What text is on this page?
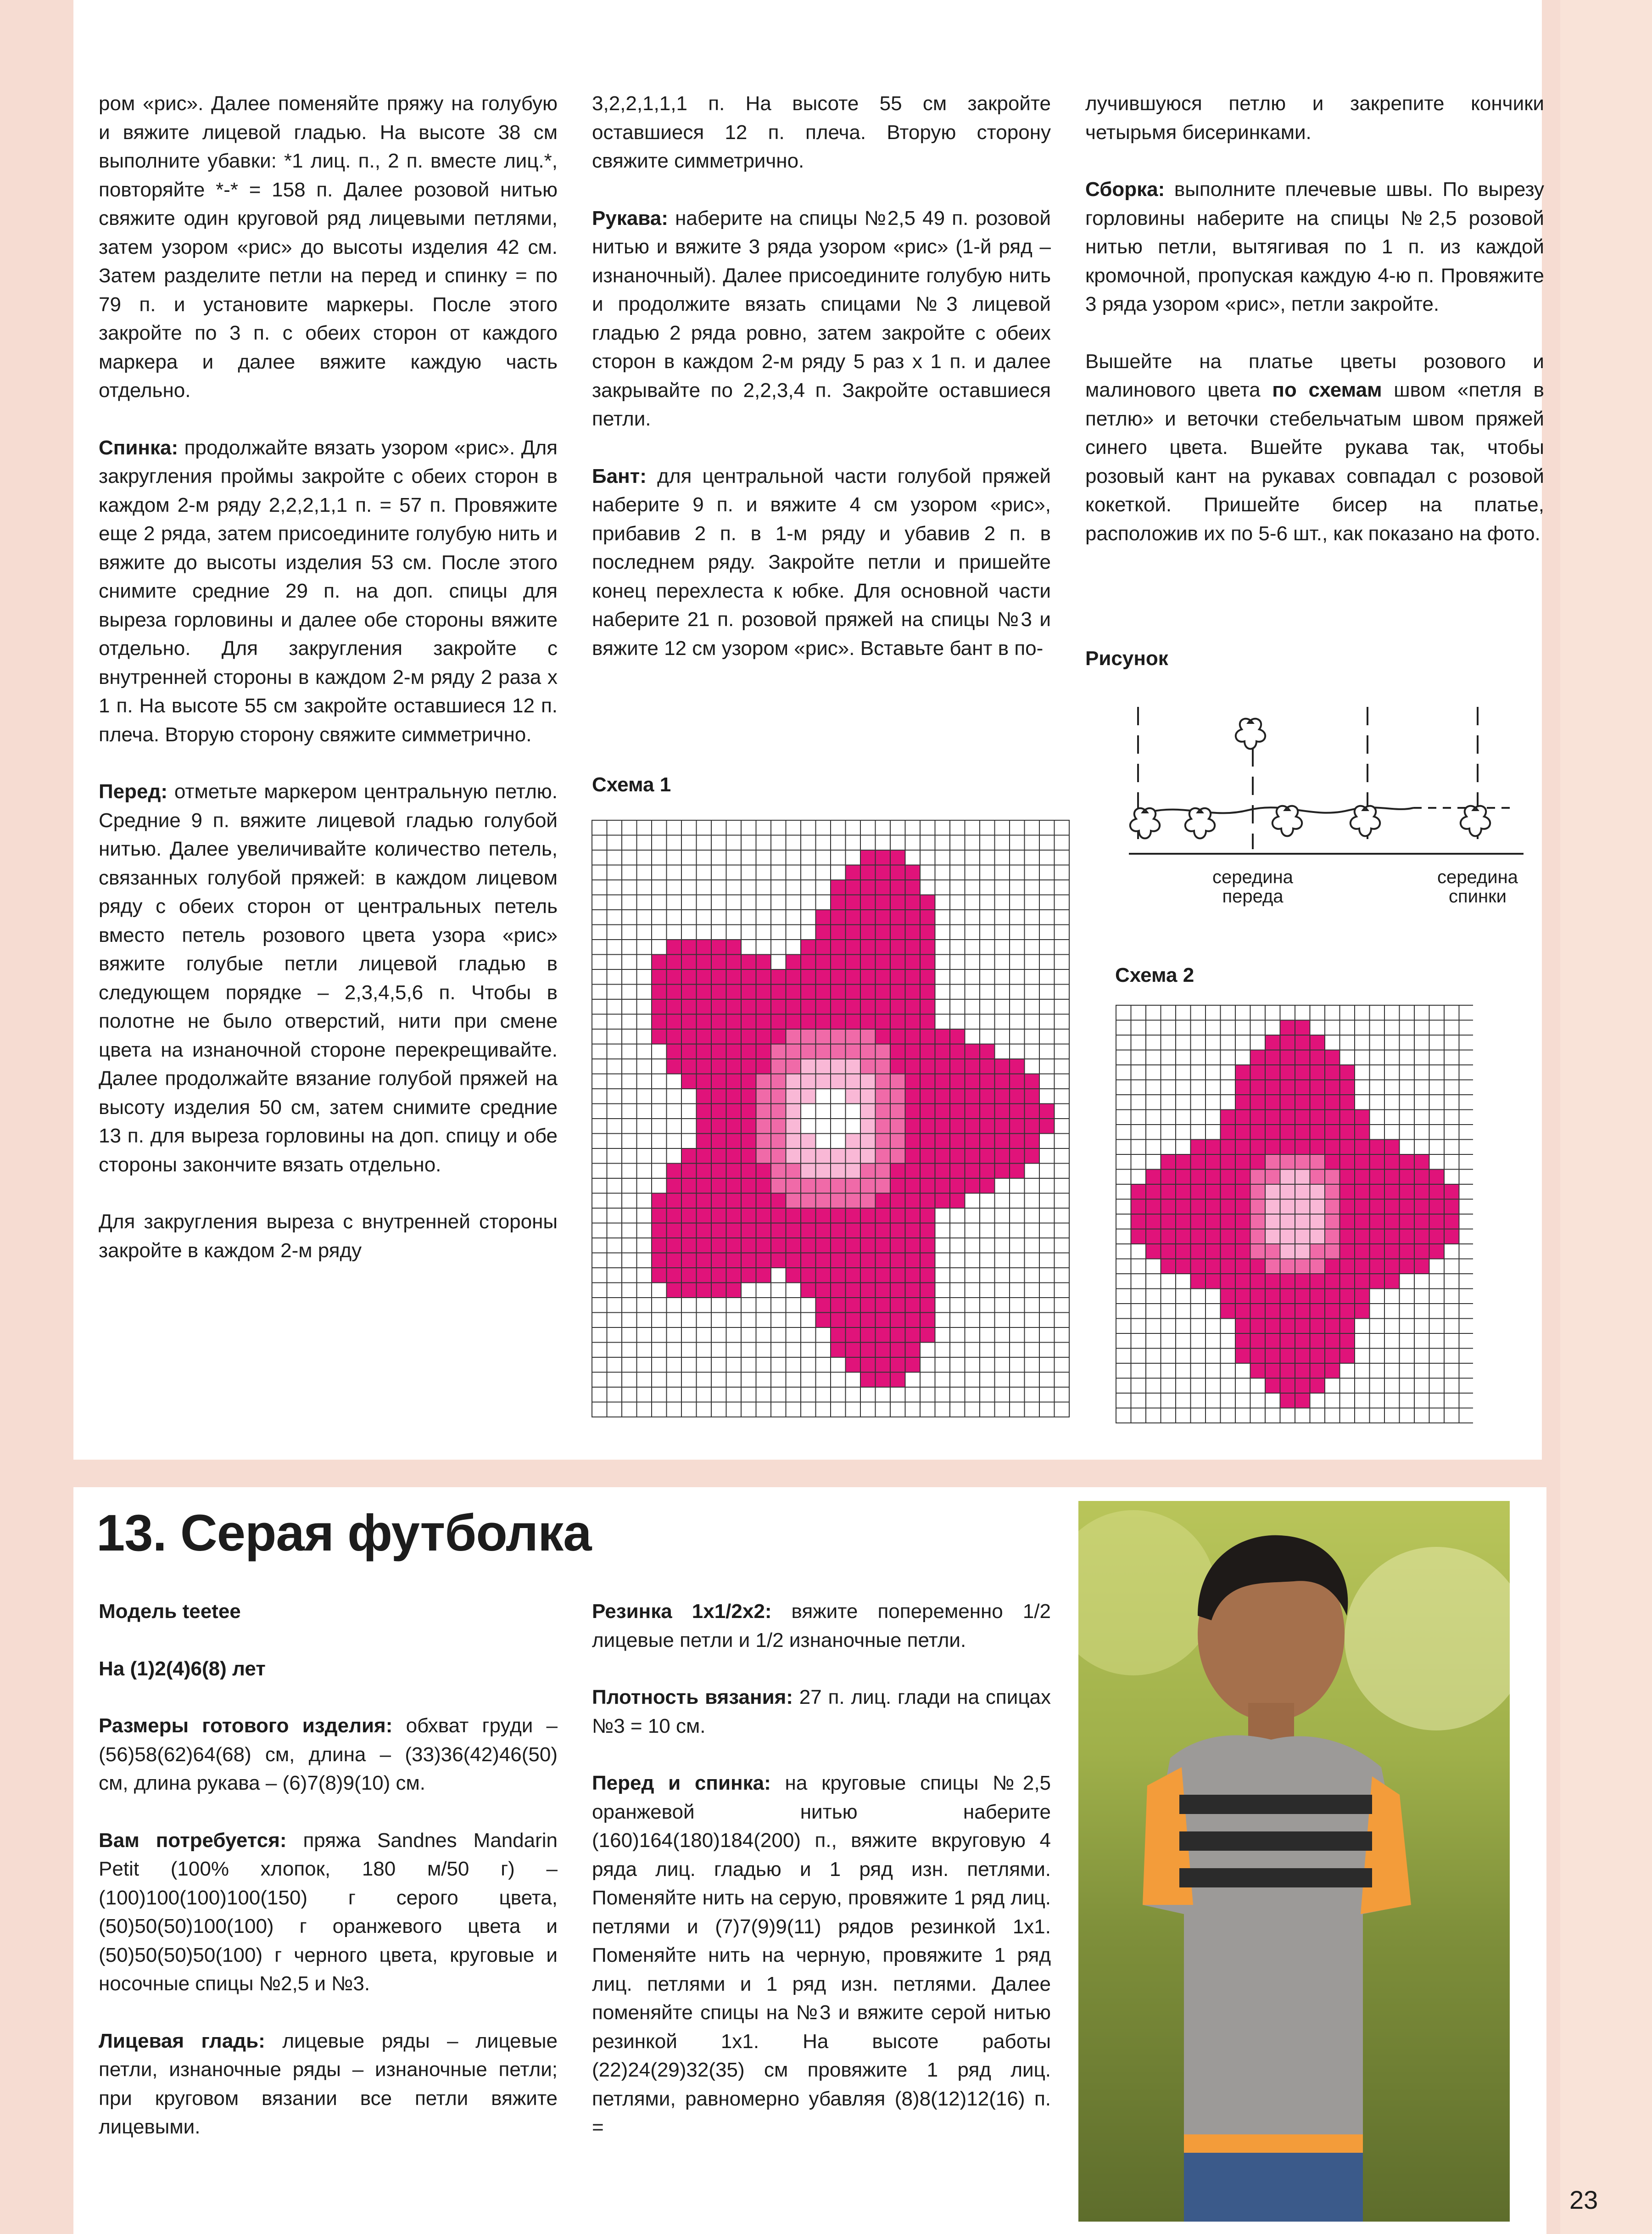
ром «рис». Далее поменяйте пряжу на голубую и вяжите лицевой гладью. На высоте 38 см выполните убавки: *1 лиц. п., 2 п. вместе лиц.*, повторяйте *-* = 158 п. Далее розовой нитью свяжите один круговой ряд лицевыми петлями, затем узором «рис» до высоты изделия 42 см. Затем разделите петли на перед и спинку = по 79 п. и установите маркеры. После этого закройте по 3 п. с обеих сторон от каждого маркера и далее вяжите каждую часть отдельно.

Спинка: продолжайте вязать узором «рис». Для закругления проймы закройте с обеих сторон в каждом 2-м ряду 2,2,2,1,1 п. = 57 п. Провяжите еще 2 ряда, затем присоедините голубую нить и вяжите до высоты изделия 53 см. После этого снимите средние 29 п. на доп. спицы для выреза горловины и далее обе стороны вяжите отдельно. Для закругления закройте с внутренней стороны в каждом 2-м ряду 2 раза х 1 п. На высоте 55 см закройте оставшиеся 12 п. плеча. Вторую сторону свяжите симметрично.

Перед: отметьте маркером центральную петлю. Средние 9 п. вяжите лицевой гладью голубой нитью. Далее увеличивайте количество петель, связанных голубой пряжей: в каждом лицевом ряду с обеих сторон от центральных петель вместо петель розового цвета узора «рис» вяжите голубые петли лицевой гладью в следующем порядке – 2,3,4,5,6 п. Чтобы в полотне не было отверстий, нити при смене цвета на изнаночной стороне перекрещивайте. Далее продолжайте вязание голубой пряжей на высоту изделия 50 см, затем снимите средние 13 п. для выреза горловины на доп. спицу и обе стороны закончите вязать отдельно.

Для закругления выреза с внутренней стороны закройте в каждом 2-м ряду

3,2,2,1,1,1 п. На высоте 55 см закройте оставшиеся 12 п. плеча. Вторую сторону свяжите симметрично.

Рукава: наберите на спицы №2,5 49 п. розовой нитью и вяжите 3 ряда узором «рис» (1-й ряд – изнаночный). Далее присоедините голубую нить и продолжите вязать спицами №3 лицевой гладью 2 ряда ровно, затем закройте с обеих сторон в каждом 2-м ряду 5 раз х 1 п. и далее закрывайте по 2,2,3,4 п. Закройте оставшиеся петли.

Бант: для центральной части голубой пряжей наберите 9 п. и вяжите 4 см узором «рис», прибавив 2 п. в 1-м ряду и убавив 2 п. в последнем ряду. Закройте петли и пришейте конец перехлеста к юбке. Для основной части наберите 21 п. розовой пряжей на спицы №3 и вяжите 12 см узором «рис». Вставьте бант в по-

лучившуюся петлю и закрепите кончики четырьмя бисеринками.

Сборка: выполните плечевые швы. По вырезу горловины наберите на спицы №2,5 розовой нитью петли, вытягивая по 1 п. из каждой кромочной, пропуская каждую 4-ю п. Провяжите 3 ряда узором «рис», петли закройте.

Вышейте на платье цветы розового и малинового цвета по схемам швом «петля в петлю» и веточки стебельчатым швом пряжей синего цвета. Вшейте рукава так, чтобы розовый кант на рукавах совпадал с розовой кокеткой. Пришейте бисер на платье, расположив их по 5-6 шт., как показано на фото.

Рисунок
середина переда
середина спинки
Схема 1
Схема 2
13. Серая футболка

Модель teetee

На (1)2(4)6(8) лет

Размеры готового изделия: обхват груди – (56)58(62)64(68) см, длина – (33)36(42)46(50) см, длина рукава – (6)7(8)9(10) см.

Вам потребуется: пряжа Sandnes Mandarin Petit (100% хлопок, 180 м/50 г) – (100)100(100)100(150) г серого цвета, (50)50(50)100(100) г оранжевого цвета и (50)50(50)50(100) г черного цвета, круговые и носочные спицы №2,5 и №3.

Лицевая гладь: лицевые ряды – лицевые петли, изнаночные ряды – изнаночные петли; при круговом вязании все петли вяжите лицевыми.

Резинка 1х1/2х2: вяжите попеременно 1/2 лицевые петли и 1/2 изнаночные петли.

Плотность вязания: 27 п. лиц. глади на спицах №3 = 10 см.

Перед и спинка: на круговые спицы №2,5 оранжевой нитью наберите (160)164(180)184(200) п., вяжите вкруговую 4 ряда лиц. гладью и 1 ряд изн. петлями. Поменяйте нить на серую, провяжите 1 ряд лиц. петлями и (7)7(9)9(11) рядов резинкой 1х1. Поменяйте нить на черную, провяжите 1 ряд лиц. петлями и 1 ряд изн. петлями. Далее поменяйте спицы на №3 и вяжите серой нитью резинкой 1х1. На высоте работы (22)24(29)32(35) см провяжите 1 ряд лиц. петлями, равномерно убавляя (8)8(12)12(16) п. =

23
